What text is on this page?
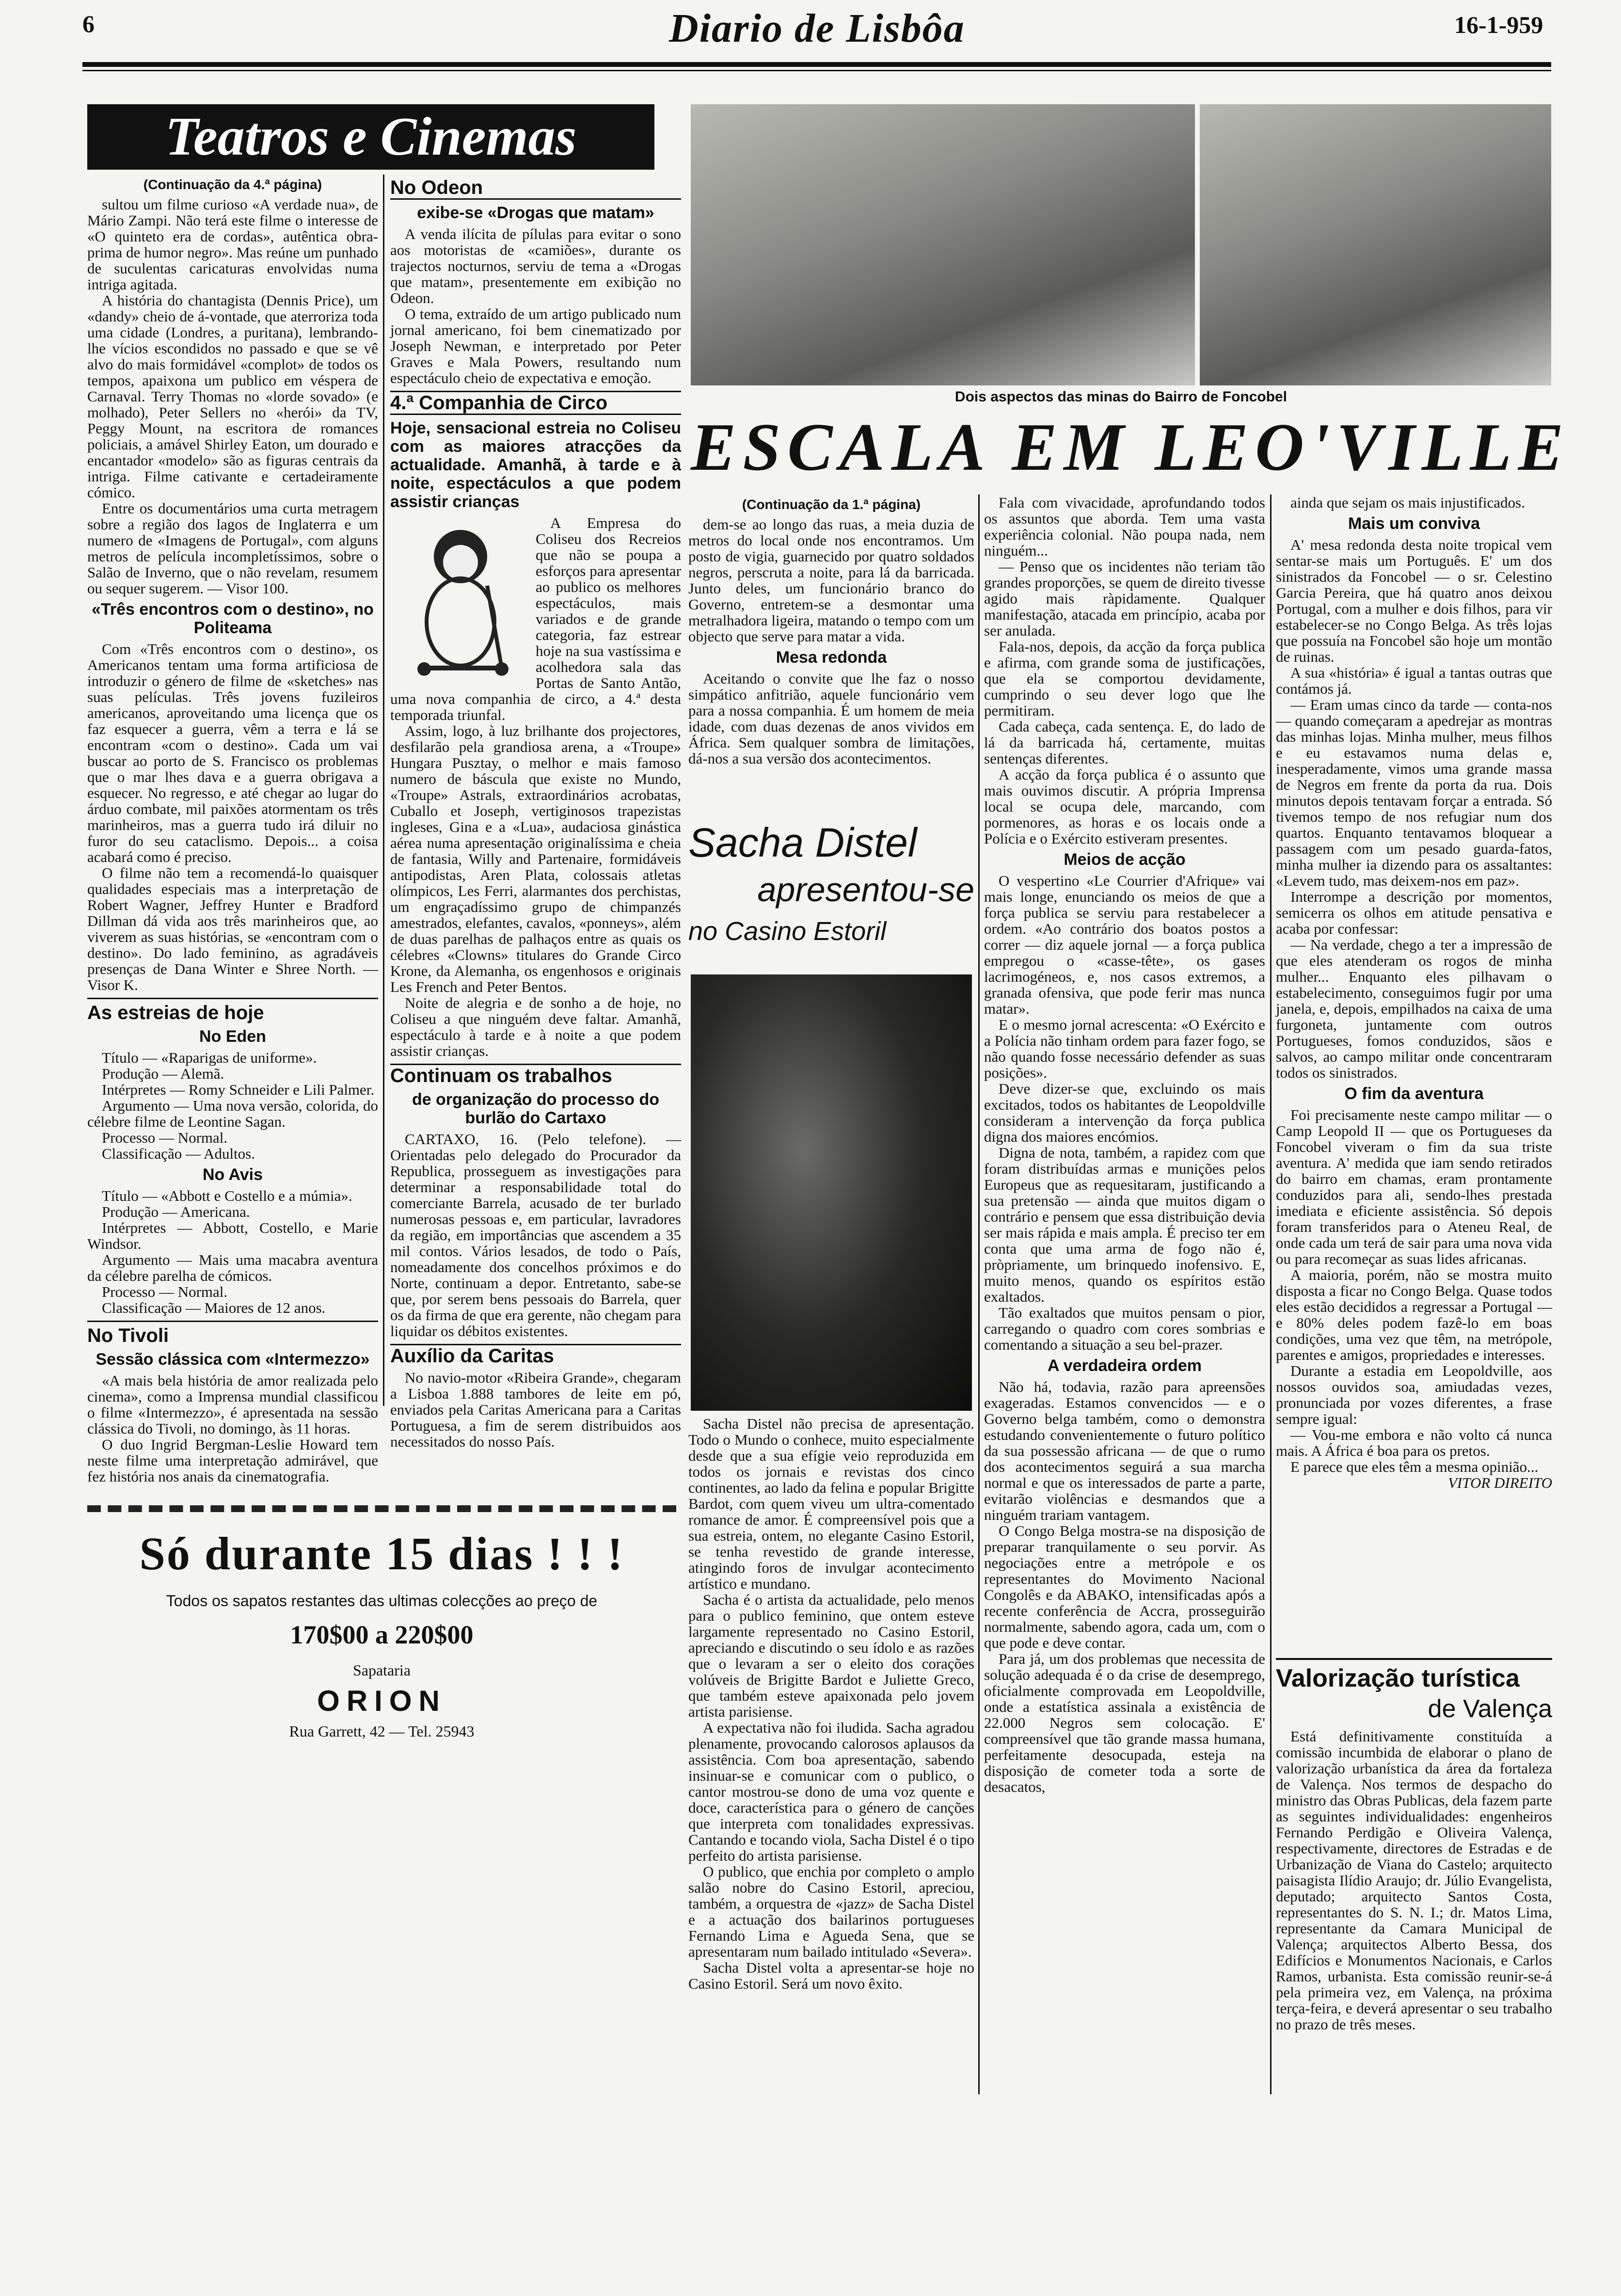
6	Diario de Lisbôa	16-1-959
Teatros e Cinemas
(Continuação da 4.ª página)

sultou um filme curioso «A verdade nua», de Mário Zampi. Não terá este filme o interesse de «O quinteto era de cordas», autêntica obra-prima de humor negro». Mas reúne um punhado de suculentas caricaturas envolvidas numa intriga agitada.

A história do chantagista (Dennis Price), um «dandy» cheio de á-vontade, que aterroriza toda uma cidade (Londres, a puritana), lembrando-lhe vícios escondidos no passado e que se vê alvo do mais formidável «complot» de todos os tempos, apaixona um publico em véspera de Carnaval. Terry Thomas no «lorde sovado» (e molhado), Peter Sellers no «herói» da TV, Peggy Mount, na escritora de romances policiais, a amável Shirley Eaton, um dourado e encantador «modelo» são as figuras centrais da intriga. Filme cativante e certadeiramente cómico.

Entre os documentários uma curta metragem sobre a região dos lagos de Inglaterra e um numero de «Imagens de Portugal», com alguns metros de película incompletíssimos, sobre o Salão de Inverno, que o não revelam, resumem ou sequer sugerem. — Visor 100.

«Três encontros com o destino», no Politeama

Com «Três encontros com o destino», os Americanos tentam uma forma artificiosa de introduzir o género de filme de «sketches» nas suas películas. Três jovens fuzileiros americanos, aproveitando uma licença que os faz esquecer a guerra, vêm a terra e lá se encontram «com o destino». Cada um vai buscar ao porto de S. Francisco os problemas que o mar lhes dava e a guerra obrigava a esquecer. No regresso, e até chegar ao lugar do árduo combate, mil paixões atormentam os três marinheiros, mas a guerra tudo irá diluir no furor do seu cataclismo. Depois... a coisa acabará como é preciso.

O filme não tem a recomendá-lo quaisquer qualidades especiais mas a interpretação de Robert Wagner, Jeffrey Hunter e Bradford Dillman dá vida aos três marinheiros que, ao viverem as suas histórias, se «encontram com o destino». Do lado feminino, as agradáveis presenças de Dana Winter e Shree North. — Visor K.

As estreias de hoje
No Eden

Título — «Raparigas de uniforme».

Produção — Alemã.

Intérpretes — Romy Schneider e Lili Palmer.

Argumento — Uma nova versão, colorida, do célebre filme de Leontine Sagan.

Processo — Normal.

Classificação — Adultos.

No Avis

Título — «Abbott e Costello e a múmia».

Produção — Americana.

Intérpretes — Abbott, Costello, e Marie Windsor.

Argumento — Mais uma macabra aventura da célebre parelha de cómicos.

Processo — Normal.

Classificação — Maiores de 12 anos.

No Tivoli
Sessão clássica com «Intermezzo»

«A mais bela história de amor realizada pelo cinema», como a Imprensa mundial classificou o filme «Intermezzo», é apresentada na sessão clássica do Tivoli, no domingo, às 11 horas.

O duo Ingrid Bergman-Leslie Howard tem neste filme uma interpretação admirável, que fez história nos anais da cinematografia.

No Odeon
exibe-se «Drogas que matam»

A venda ilícita de pílulas para evitar o sono aos motoristas de «camiões», durante os trajectos nocturnos, serviu de tema a «Drogas que matam», presentemente em exibição no Odeon.

O tema, extraído de um artigo publicado num jornal americano, foi bem cinematizado por Joseph Newman, e interpretado por Peter Graves e Mala Powers, resultando num espectáculo cheio de expectativa e emoção.

4.ª Companhia de Circo
Hoje, sensacional estreia no Coliseu com as maiores atracções da actualidade. Amanhã, à tarde e à noite, espectáculos a que podem assistir crianças

A Empresa do Coliseu dos Recreios que não se poupa a esforços para apresentar ao publico os melhores espectáculos, mais variados e de grande categoria, faz estrear hoje na sua vastíssima e acolhedora sala das Portas de Santo Antão, uma nova companhia de circo, a 4.ª desta temporada triunfal.

Assim, logo, à luz brilhante dos projectores, desfilarão pela grandiosa arena, a «Troupe» Hungara Pusztay, o melhor e mais famoso numero de báscula que existe no Mundo, «Troupe» Astrals, extraordinários acrobatas, Cuballo et Joseph, vertiginosos trapezistas ingleses, Gina e a «Lua», audaciosa ginástica aérea numa apresentação originalíssima e cheia de fantasia, Willy and Partenaire, formidáveis antipodistas, Aren Plata, colossais atletas olímpicos, Les Ferri, alarmantes dos perchistas, um engraçadíssimo grupo de chimpanzés amestrados, elefantes, cavalos, «ponneys», além de duas parelhas de palhaços entre as quais os célebres «Clowns» titulares do Grande Circo Krone, da Alemanha, os engenhosos e originais Les French and Peter Bentos.

Noite de alegria e de sonho a de hoje, no Coliseu a que ninguém deve faltar. Amanhã, espectáculo à tarde e à noite a que podem assistir crianças.

Continuam os trabalhos
de organização do processo do burlão do Cartaxo

CARTAXO, 16. (Pelo telefone). — Orientadas pelo delegado do Procurador da Republica, prosseguem as investigações para determinar a responsabilidade total do comerciante Barrela, acusado de ter burlado numerosas pessoas e, em particular, lavradores da região, em importâncias que ascendem a 35 mil contos. Vários lesados, de todo o País, nomeadamente dos concelhos próximos e do Norte, continuam a depor. Entretanto, sabe-se que, por serem bens pessoais do Barrela, quer os da firma de que era gerente, não chegam para liquidar os débitos existentes.

Auxílio da Caritas

No navio-motor «Ribeira Grande», chegaram a Lisboa 1.888 tambores de leite em pó, enviados pela Caritas Americana para a Caritas Portuguesa, a fim de serem distribuidos aos necessitados do nosso País.

Só durante 15 dias ! ! !
Todos os sapatos restantes das ultimas colecções ao preço de
170$00 a 220$00
Sapataria
ORION
Rua Garrett, 42 — Tel. 25943
Dois aspectos das minas do Bairro de Foncobel
ESCALA EM LEO'VILLE
(Continuação da 1.ª página)

dem-se ao longo das ruas, a meia duzia de metros do local onde nos encontramos. Um posto de vigia, guarnecido por quatro soldados negros, perscruta a noite, para lá da barricada. Junto deles, um funcionário branco do Governo, entretem-se a desmontar uma metralhadora ligeira, matando o tempo com um objecto que serve para matar a vida.

Mesa redonda

Aceitando o convite que lhe faz o nosso simpático anfitrião, aquele funcionário vem para a nossa companhia. É um homem de meia idade, com duas dezenas de anos vividos em África. Sem qualquer sombra de limitações, dá-nos a sua versão dos acontecimentos.

Sacha Distel
apresentou-se
no Casino Estoril

Sacha Distel não precisa de apresentação. Todo o Mundo o conhece, muito especialmente desde que a sua efígie veio reproduzida em todos os jornais e revistas dos cinco continentes, ao lado da felina e popular Brigitte Bardot, com quem viveu um ultra-comentado romance de amor. É compreensível pois que a sua estreia, ontem, no elegante Casino Estoril, se tenha revestido de grande interesse, atingindo foros de invulgar acontecimento artístico e mundano.

Sacha é o artista da actualidade, pelo menos para o publico feminino, que ontem esteve largamente representado no Casino Estoril, apreciando e discutindo o seu ídolo e as razões que o levaram a ser o eleito dos corações volúveis de Brigitte Bardot e Juliette Greco, que também esteve apaixonada pelo jovem artista parisiense.

A expectativa não foi iludida. Sacha agradou plenamente, provocando calorosos aplausos da assistência. Com boa apresentação, sabendo insinuar-se e comunicar com o publico, o cantor mostrou-se dono de uma voz quente e doce, característica para o género de canções que interpreta com tonalidades expressivas. Cantando e tocando viola, Sacha Distel é o tipo perfeito do artista parisiense.

O publico, que enchia por completo o amplo salão nobre do Casino Estoril, apreciou, também, a orquestra de «jazz» de Sacha Distel e a actuação dos bailarinos portugueses Fernando Lima e Agueda Sena, que se apresentaram num bailado intitulado «Severa».

Sacha Distel volta a apresentar-se hoje no Casino Estoril. Será um novo êxito.

Fala com vivacidade, aprofundando todos os assuntos que aborda. Tem uma vasta experiência colonial. Não poupa nada, nem ninguém...

— Penso que os incidentes não teriam tão grandes proporções, se quem de direito tivesse agido mais ràpidamente. Qualquer manifestação, atacada em princípio, acaba por ser anulada.

Fala-nos, depois, da acção da força publica e afirma, com grande soma de justificações, que ela se comportou devidamente, cumprindo o seu dever logo que lhe permitiram.

Cada cabeça, cada sentença. E, do lado de lá da barricada há, certamente, muitas sentenças diferentes.

A acção da força publica é o assunto que mais ouvimos discutir. A própria Imprensa local se ocupa dele, marcando, com pormenores, as horas e os locais onde a Polícia e o Exército estiveram presentes.

Meios de acção

O vespertino «Le Courrier d'Afrique» vai mais longe, enunciando os meios de que a força publica se serviu para restabelecer a ordem. «Ao contrário dos boatos postos a correr — diz aquele jornal — a força publica empregou o «casse-tête», os gases lacrimogéneos, e, nos casos extremos, a granada ofensiva, que pode ferir mas nunca matar».

E o mesmo jornal acrescenta: «O Exército e a Polícia não tinham ordem para fazer fogo, se não quando fosse necessário defender as suas posições».

Deve dizer-se que, excluindo os mais excitados, todos os habitantes de Leopoldville consideram a intervenção da força publica digna dos maiores encómios.

Digna de nota, também, a rapidez com que foram distribuídas armas e munições pelos Europeus que as requesitaram, justificando a sua pretensão — ainda que muitos digam o contrário e pensem que essa distribuição devia ser mais rápida e mais ampla. É preciso ter em conta que uma arma de fogo não é, pròpriamente, um brinquedo inofensivo. E, muito menos, quando os espíritos estão exaltados.

Tão exaltados que muitos pensam o pior, carregando o quadro com cores sombrias e comentando a situação a seu bel-prazer.

A verdadeira ordem

Não há, todavia, razão para apreensões exageradas. Estamos convencidos — e o Governo belga também, como o demonstra estudando convenientemente o futuro político da sua possessão africana — de que o rumo dos acontecimentos seguirá a sua marcha normal e que os interessados de parte a parte, evitarão violências e desmandos que a ninguém trariam vantagem.

O Congo Belga mostra-se na disposição de preparar tranquilamente o seu porvir. As negociações entre a metrópole e os representantes do Movimento Nacional Congolês e da ABAKO, intensificadas após a recente conferência de Accra, prosseguirão normalmente, sabendo agora, cada um, com o que pode e deve contar.

Para já, um dos problemas que necessita de solução adequada é o da crise de desemprego, oficialmente comprovada em Leopoldville, onde a estatística assinala a existência de 22.000 Negros sem colocação. E' compreensível que tão grande massa humana, perfeitamente desocupada, esteja na disposição de cometer toda a sorte de desacatos,

ainda que sejam os mais injustificados.

Mais um conviva

A' mesa redonda desta noite tropical vem sentar-se mais um Português. E' um dos sinistrados da Foncobel — o sr. Celestino Garcia Pereira, que há quatro anos deixou Portugal, com a mulher e dois filhos, para vir estabelecer-se no Congo Belga. As três lojas que possuía na Foncobel são hoje um montão de ruinas.

A sua «história» é igual a tantas outras que contámos já.

— Eram umas cinco da tarde — conta-nos — quando começaram a apedrejar as montras das minhas lojas. Minha mulher, meus filhos e eu estavamos numa delas e, inesperadamente, vimos uma grande massa de Negros em frente da porta da rua. Dois minutos depois tentavam forçar a entrada. Só tivemos tempo de nos refugiar num dos quartos. Enquanto tentavamos bloquear a passagem com um pesado guarda-fatos, minha mulher ia dizendo para os assaltantes: «Levem tudo, mas deixem-nos em paz».

Interrompe a descrição por momentos, semicerra os olhos em atitude pensativa e acaba por confessar:

— Na verdade, chego a ter a impressão de que eles atenderam os rogos de minha mulher... Enquanto eles pilhavam o estabelecimento, conseguimos fugir por uma janela, e, depois, empilhados na caixa de uma furgoneta, juntamente com outros Portugueses, fomos conduzidos, sãos e salvos, ao campo militar onde concentraram todos os sinistrados.

O fim da aventura

Foi precisamente neste campo militar — o Camp Leopold II — que os Portugueses da Foncobel viveram o fim da sua triste aventura. A' medida que iam sendo retirados do bairro em chamas, eram prontamente conduzidos para ali, sendo-lhes prestada imediata e eficiente assistência. Só depois foram transferidos para o Ateneu Real, de onde cada um terá de sair para uma nova vida ou para recomeçar as suas lides africanas.

A maioria, porém, não se mostra muito disposta a ficar no Congo Belga. Quase todos eles estão decididos a regressar a Portugal — e 80% deles podem fazê-lo em boas condições, uma vez que têm, na metrópole, parentes e amigos, propriedades e interesses.

Durante a estadia em Leopoldville, aos nossos ouvidos soa, amiudadas vezes, pronunciada por vozes diferentes, a frase sempre igual:

— Vou-me embora e não volto cá nunca mais. A África é boa para os pretos.

E parece que eles têm a mesma opinião...

VITOR DIREITO
Valorização turística
de Valença

Está definitivamente constituída a comissão incumbida de elaborar o plano de valorização urbanística da área da fortaleza de Valença. Nos termos de despacho do ministro das Obras Publicas, dela fazem parte as seguintes individualidades: engenheiros Fernando Perdigão e Oliveira Valença, respectivamente, directores de Estradas e de Urbanização de Viana do Castelo; arquitecto paisagista Ilídio Araujo; dr. Júlio Evangelista, deputado; arquitecto Santos Costa, representantes do S. N. I.; dr. Matos Lima, representante da Camara Municipal de Valença; arquitectos Alberto Bessa, dos Edifícios e Monumentos Nacionais, e Carlos Ramos, urbanista. Esta comissão reunir-se-á pela primeira vez, em Valença, na próxima terça-feira, e deverá apresentar o seu trabalho no prazo de três meses.
